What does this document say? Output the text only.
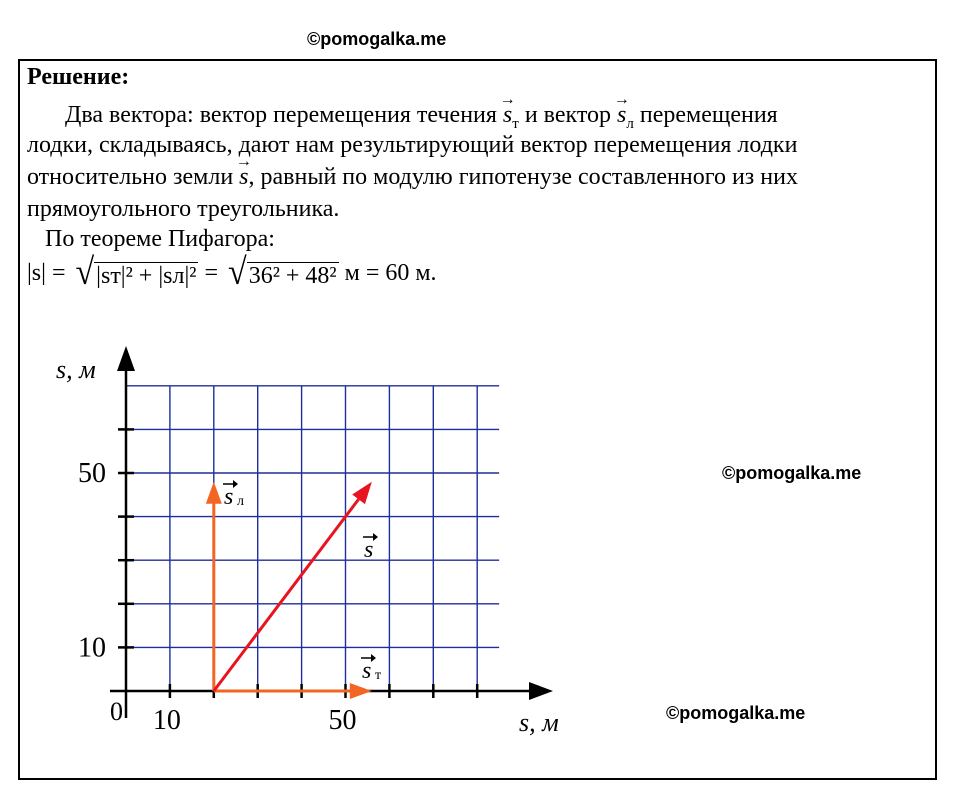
©pomogalka.me
©pomogalka.me
©pomogalka.me
Решение:
Два вектора: вектор перемещения течения → $s_т$ и вектор → $s_л$ перемещения
лодки, складываясь, дают нам результирующий вектор перемещения лодки
относительно земли → s, равный по модулю гипотенузе составленного из них
прямоугольного треугольника.
По теореме Пифагора:
|s| = √ |sт|² + |sл|² = √ 36² + 48² м = 60 м.
s, м
s, м
0
10
50
10	50
s л
s т
s
